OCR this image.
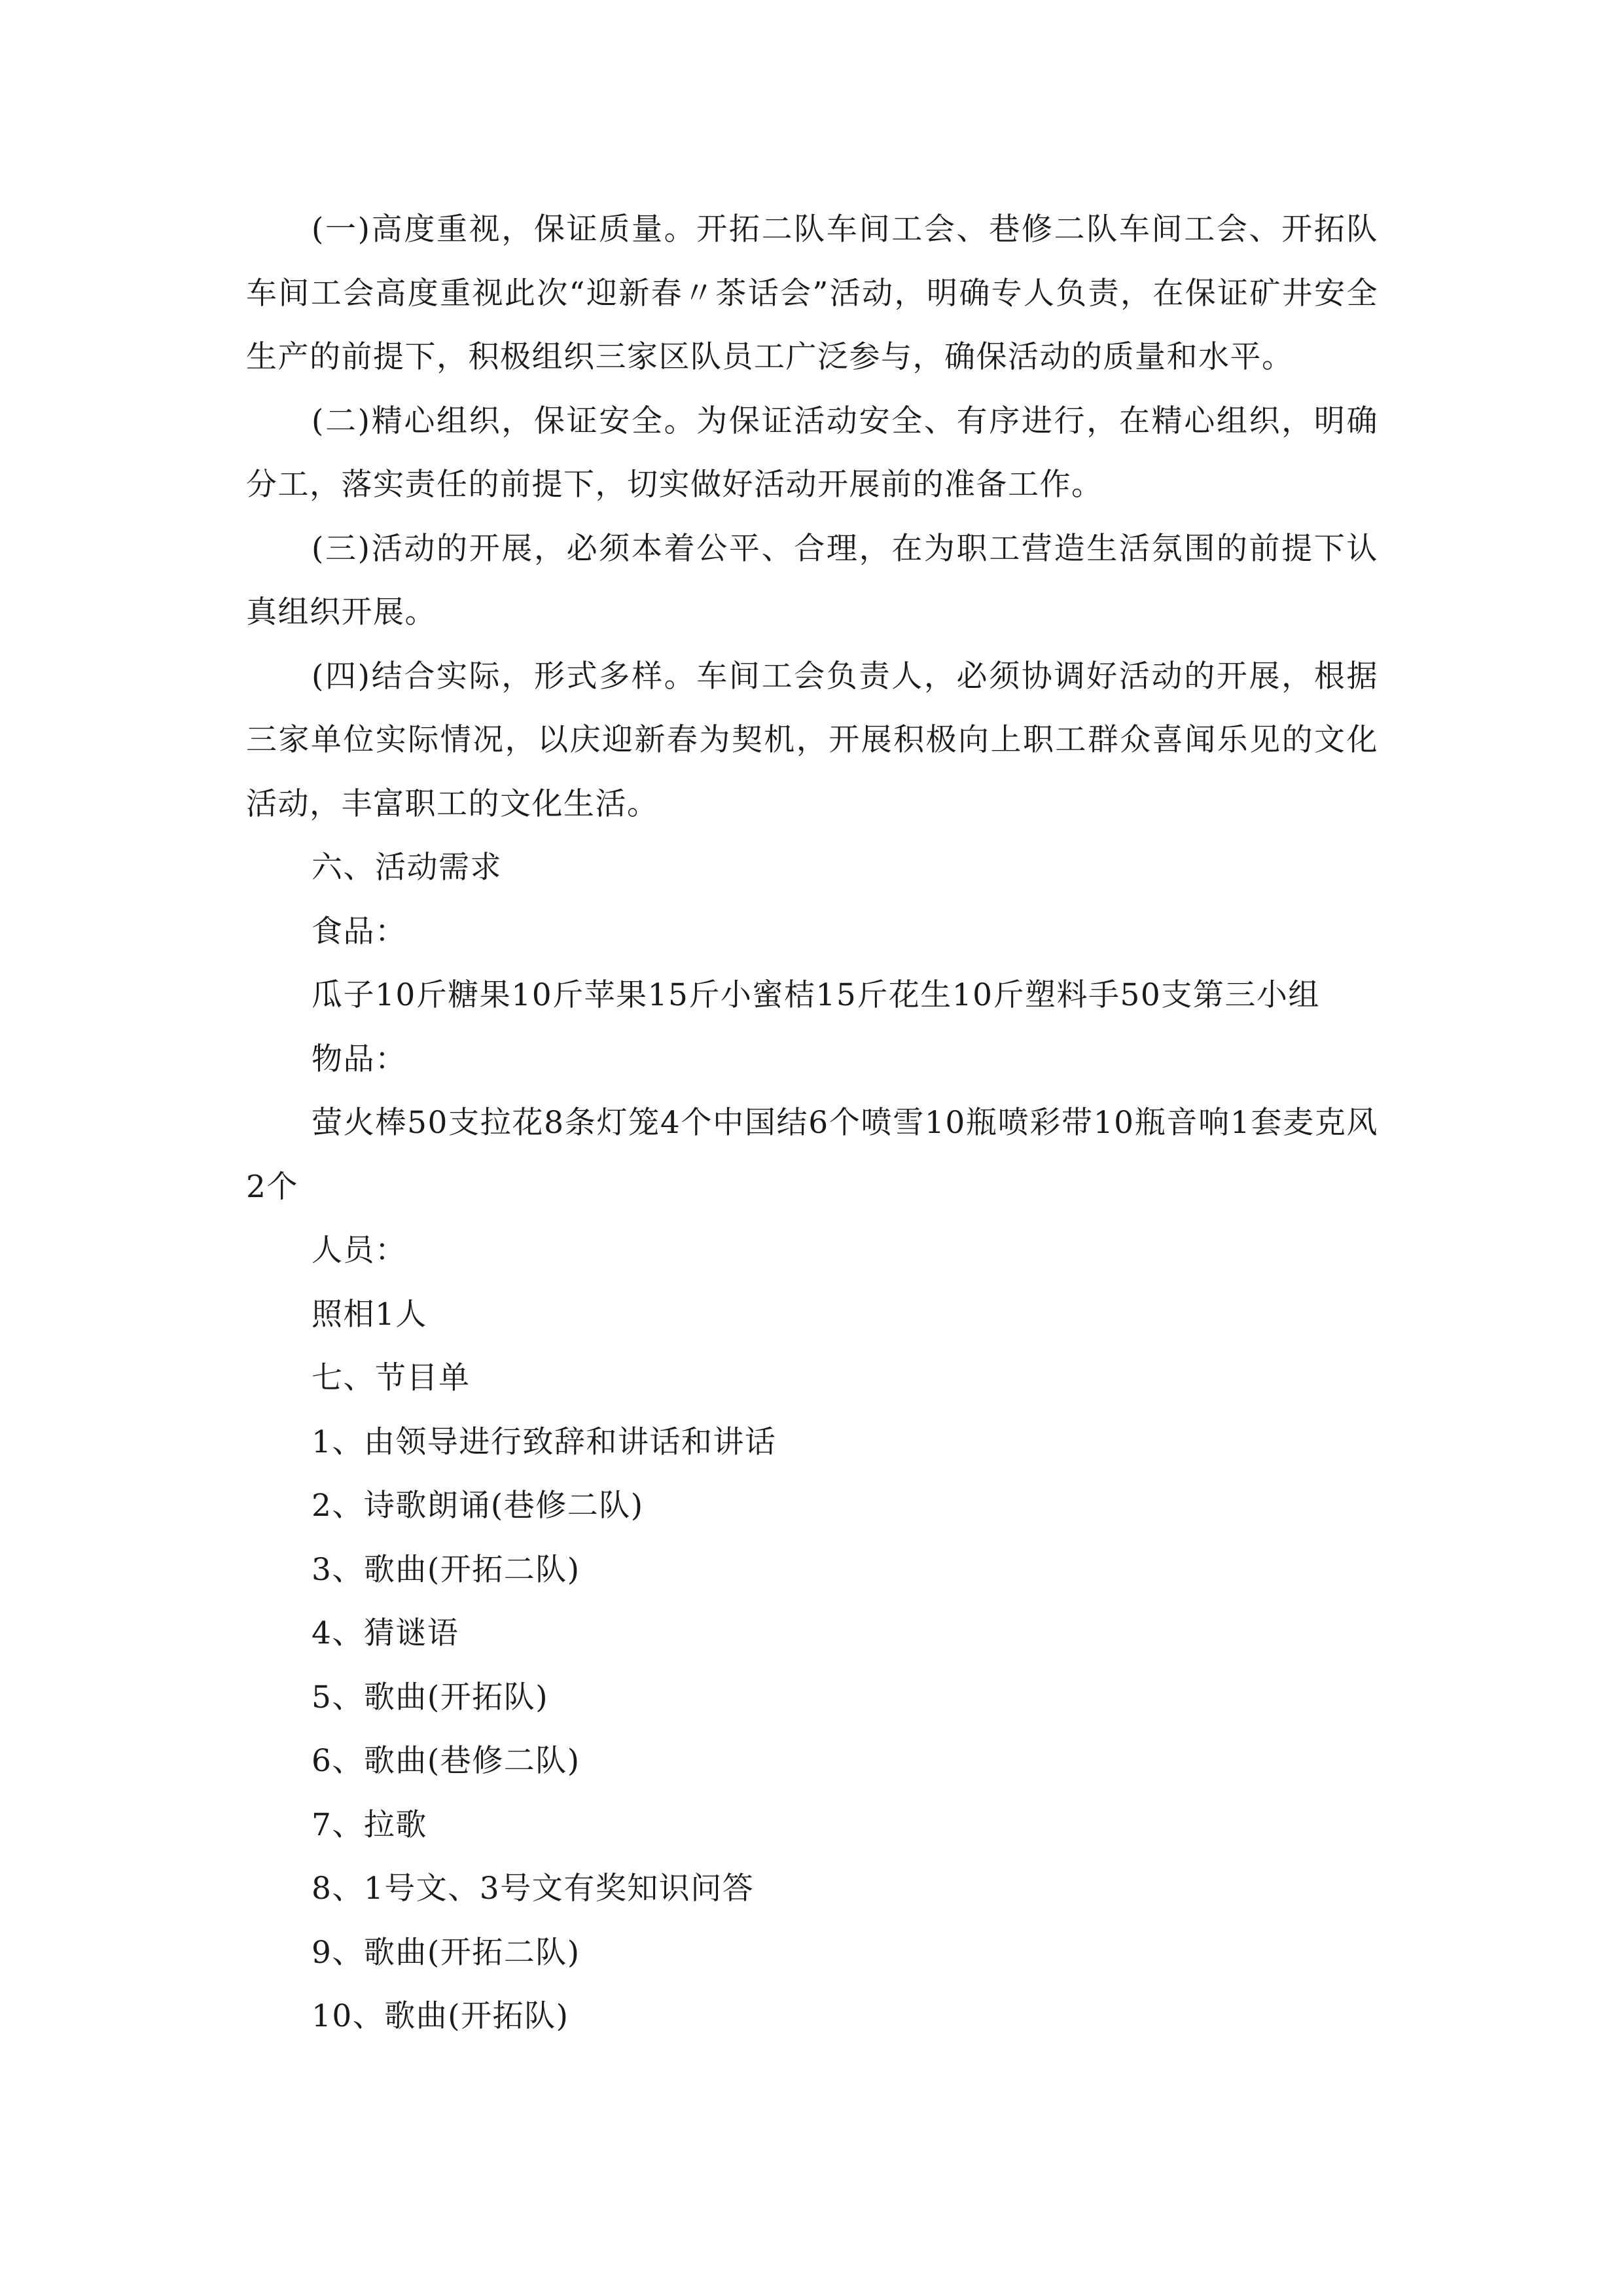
(一)高度重视，保证质量。开拓二队车间工会、巷修二队车间工会、开拓队车间工会高度重视此次“迎新春〃茶话会”活动，明确专人负责，在保证矿井安全生产的前提下，积极组织三家区队员工广泛参与，确保活动的质量和水平。

(二)精心组织，保证安全。为保证活动安全、有序进行，在精心组织，明确分工，落实责任的前提下，切实做好活动开展前的准备工作。

(三)活动的开展，必须本着公平、合理，在为职工营造生活氛围的前提下认真组织开展。

(四)结合实际，形式多样。车间工会负责人，必须协调好活动的开展，根据三家单位实际情况，以庆迎新春为契机，开展积极向上职工群众喜闻乐见的文化活动，丰富职工的文化生活。

六、活动需求

食品：

瓜子10斤糖果10斤苹果15斤小蜜桔15斤花生10斤塑料手50支第三小组

物品：

萤火棒50支拉花8条灯笼4个中国结6个喷雪10瓶喷彩带10瓶音响1套麦克风2个

人员：

照相1人

七、节目单

1、由领导进行致辞和讲话和讲话

2、诗歌朗诵(巷修二队)

3、歌曲(开拓二队)

4、猜谜语

5、歌曲(开拓队)

6、歌曲(巷修二队)

7、拉歌

8、1号文、3号文有奖知识问答

9、歌曲(开拓二队)

10、歌曲(开拓队)
